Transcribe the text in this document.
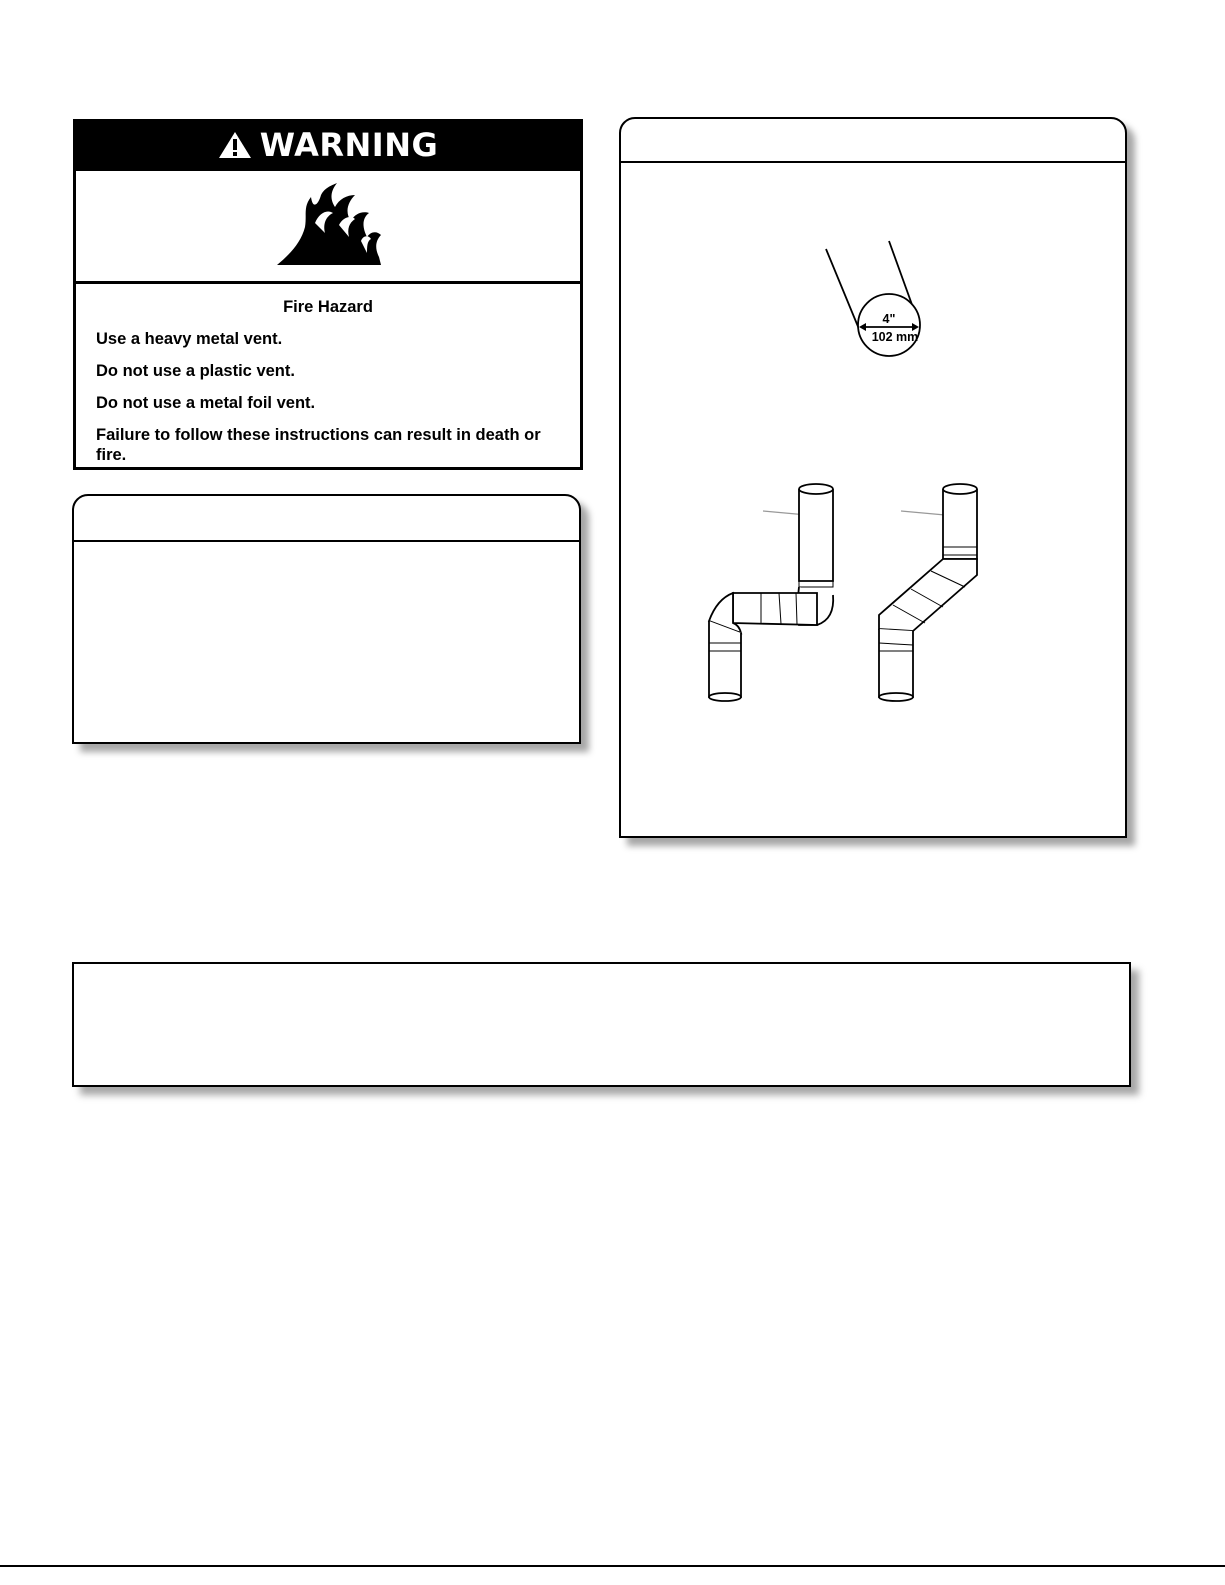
WARNING
Fire Hazard

Use a heavy metal vent.

Do not use a plastic vent.

Do not use a metal foil vent.

Failure to follow these instructions can result in death or fire.

4"
102 mm
